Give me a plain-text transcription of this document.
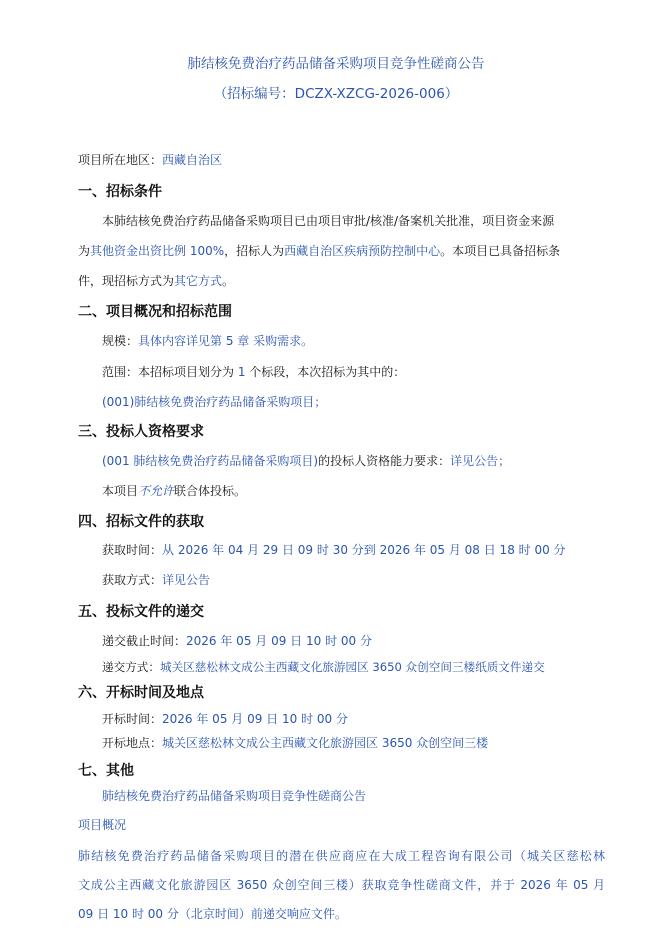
肺结核免费治疗药品储备采购项目竞争性磋商公告
（招标编号：DCZX-XZCG-2026-006）
项目所在地区：西藏自治区
一、招标条件
本肺结核免费治疗药品储备采购项目已由项目审批/核准/备案机关批准，项目资金来源
为其他资金出资比例 100%，招标人为西藏自治区疾病预防控制中心。本项目已具备招标条
件，现招标方式为其它方式。
二、项目概况和招标范围
规模：具体内容详见第 5 章 采购需求。
范围：本招标项目划分为 1 个标段，本次招标为其中的：
(001)肺结核免费治疗药品储备采购项目；
三、投标人资格要求
(001 肺结核免费治疗药品储备采购项目)的投标人资格能力要求：详见公告；
本项目不允许联合体投标。
四、招标文件的获取
获取时间：从 2026 年 04 月 29 日 09 时 30 分到 2026 年 05 月 08 日 18 时 00 分
获取方式：详见公告
五、投标文件的递交
递交截止时间：2026 年 05 月 09 日 10 时 00 分
递交方式：城关区慈松林文成公主西藏文化旅游园区 3650 众创空间三楼纸质文件递交
六、开标时间及地点
开标时间：2026 年 05 月 09 日 10 时 00 分
开标地点：城关区慈松林文成公主西藏文化旅游园区 3650 众创空间三楼
七、其他
肺结核免费治疗药品储备采购项目竞争性磋商公告
项目概况
肺结核免费治疗药品储备采购项目的潜在供应商应在大成工程咨询有限公司（城关区慈松林
文成公主西藏文化旅游园区 3650 众创空间三楼）获取竞争性磋商文件，并于 2026 年 05 月
09 日 10 时 00 分（北京时间）前递交响应文件。
